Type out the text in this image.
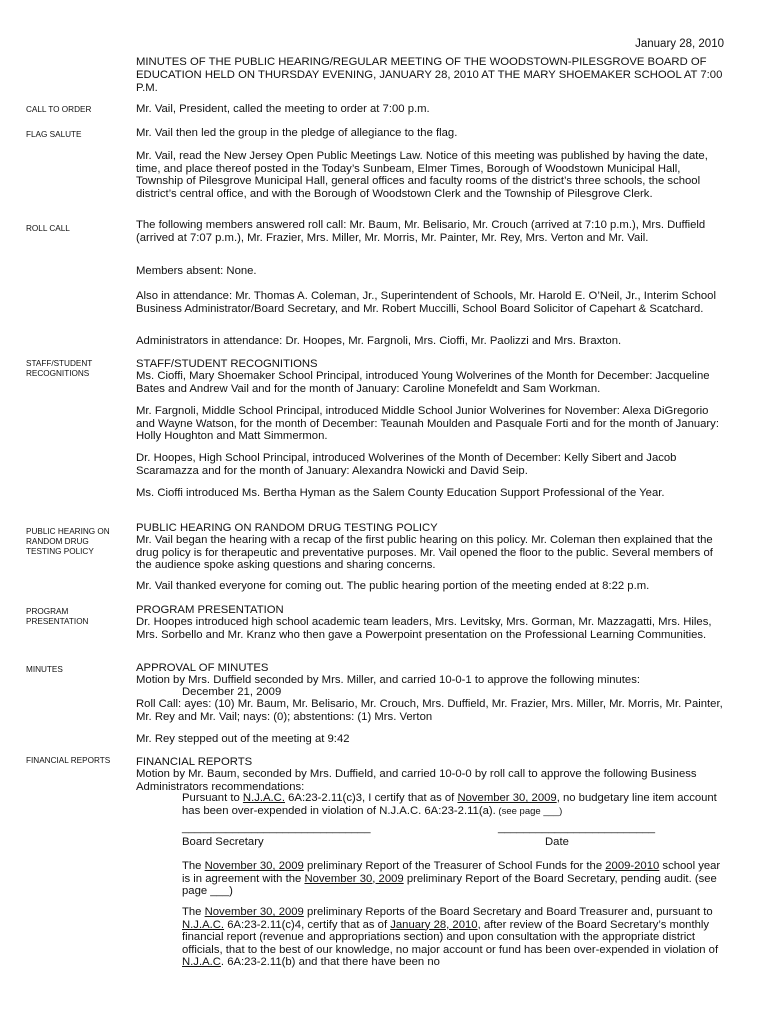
January 28, 2010
MINUTES OF THE PUBLIC HEARING/REGULAR MEETING OF THE WOODSTOWN-PILESGROVE BOARD OF EDUCATION HELD ON THURSDAY EVENING, JANUARY 28, 2010 AT THE MARY SHOEMAKER SCHOOL AT 7:00 P.M.
CALL TO ORDER
FLAG SALUTE
ROLL CALL
STAFF/STUDENT RECOGNITIONS
PUBLIC HEARING ON RANDOM DRUG TESTING POLICY
PROGRAM PRESENTATION
MINUTES
FINANCIAL REPORTS
Mr. Vail, President, called the meeting to order at 7:00 p.m.
Mr. Vail then led the group in the pledge of allegiance to the flag.
Mr. Vail, read the New Jersey Open Public Meetings Law. Notice of this meeting was published by having the date, time, and place thereof posted in the Today’s Sunbeam, Elmer Times, Borough of Woodstown Municipal Hall, Township of Pilesgrove Municipal Hall, general offices and faculty rooms of the district’s three schools, the school district’s central office, and with the Borough of Woodstown Clerk and the Township of Pilesgrove Clerk.
The following members answered roll call: Mr. Baum, Mr. Belisario, Mr. Crouch (arrived at 7:10 p.m.), Mrs. Duffield (arrived at 7:07 p.m.), Mr. Frazier, Mrs. Miller, Mr. Morris, Mr. Painter, Mr. Rey, Mrs. Verton and Mr. Vail.
Members absent: None.
Also in attendance: Mr. Thomas A. Coleman, Jr., Superintendent of Schools, Mr. Harold E. O’Neil, Jr., Interim School Business Administrator/Board Secretary, and Mr. Robert Muccilli, School Board Solicitor of Capehart & Scatchard.
Administrators in attendance: Dr. Hoopes, Mr. Fargnoli, Mrs. Cioffi, Mr. Paolizzi and Mrs. Braxton.
STAFF/STUDENT RECOGNITIONS
Ms. Cioffi, Mary Shoemaker School Principal, introduced Young Wolverines of the Month for December: Jacqueline Bates and Andrew Vail and for the month of January: Caroline Monefeldt and Sam Workman.
Mr. Fargnoli, Middle School Principal, introduced Middle School Junior Wolverines for November: Alexa DiGregorio and Wayne Watson, for the month of December: Teaunah Moulden and Pasquale Forti and for the month of January: Holly Houghton and Matt Simmermon.
Dr. Hoopes, High School Principal, introduced Wolverines of the Month of December: Kelly Sibert and Jacob Scaramazza and for the month of January: Alexandra Nowicki and David Seip.
Ms. Cioffi introduced Ms. Bertha Hyman as the Salem County Education Support Professional of the Year.
PUBLIC HEARING ON RANDOM DRUG TESTING POLICY
Mr. Vail began the hearing with a recap of the first public hearing on this policy. Mr. Coleman then explained that the drug policy is for therapeutic and preventative purposes. Mr. Vail opened the floor to the public. Several members of the audience spoke asking questions and sharing concerns.
Mr. Vail thanked everyone for coming out. The public hearing portion of the meeting ended at 8:22 p.m.
PROGRAM PRESENTATION
Dr. Hoopes introduced high school academic team leaders, Mrs. Levitsky, Mrs. Gorman, Mr. Mazzagatti, Mrs. Hiles, Mrs. Sorbello and Mr. Kranz who then gave a Powerpoint presentation on the Professional Learning Communities.
APPROVAL OF MINUTES
Motion by Mrs. Duffield seconded by Mrs. Miller, and carried 10-0-1 to approve the following minutes:
December 21, 2009
Roll Call: ayes: (10) Mr. Baum, Mr. Belisario, Mr. Crouch, Mrs. Duffield, Mr. Frazier, Mrs. Miller, Mr. Morris, Mr. Painter, Mr. Rey and Mr. Vail; nays: (0); abstentions: (1) Mrs. Verton
Mr. Rey stepped out of the meeting at 9:42
FINANCIAL REPORTS
Motion by Mr. Baum, seconded by Mrs. Duffield, and carried 10-0-0 by roll call to approve the following Business Administrators recommendations:
Pursuant to N.J.A.C. 6A:23-2.11(c)3, I certify that as of November 30, 2009, no budgetary line item account has been over-expended in violation of N.J.A.C. 6A:23-2.11(a). (see page ___)
______________________________	_________________________
Board Secretary	Date
The November 30, 2009 preliminary Report of the Treasurer of School Funds for the 2009-2010 school year is in agreement with the November 30, 2009 preliminary Report of the Board Secretary, pending audit. (see page ___)
The November 30, 2009 preliminary Reports of the Board Secretary and Board Treasurer and, pursuant to N.J.A.C. 6A:23-2.11(c)4, certify that as of January 28, 2010, after review of the Board Secretary’s monthly financial report (revenue and appropriations section) and upon consultation with the appropriate district officials, that to the best of our knowledge, no major account or fund has been over-expended in violation of N.J.A.C. 6A:23-2.11(b) and that there have been no
